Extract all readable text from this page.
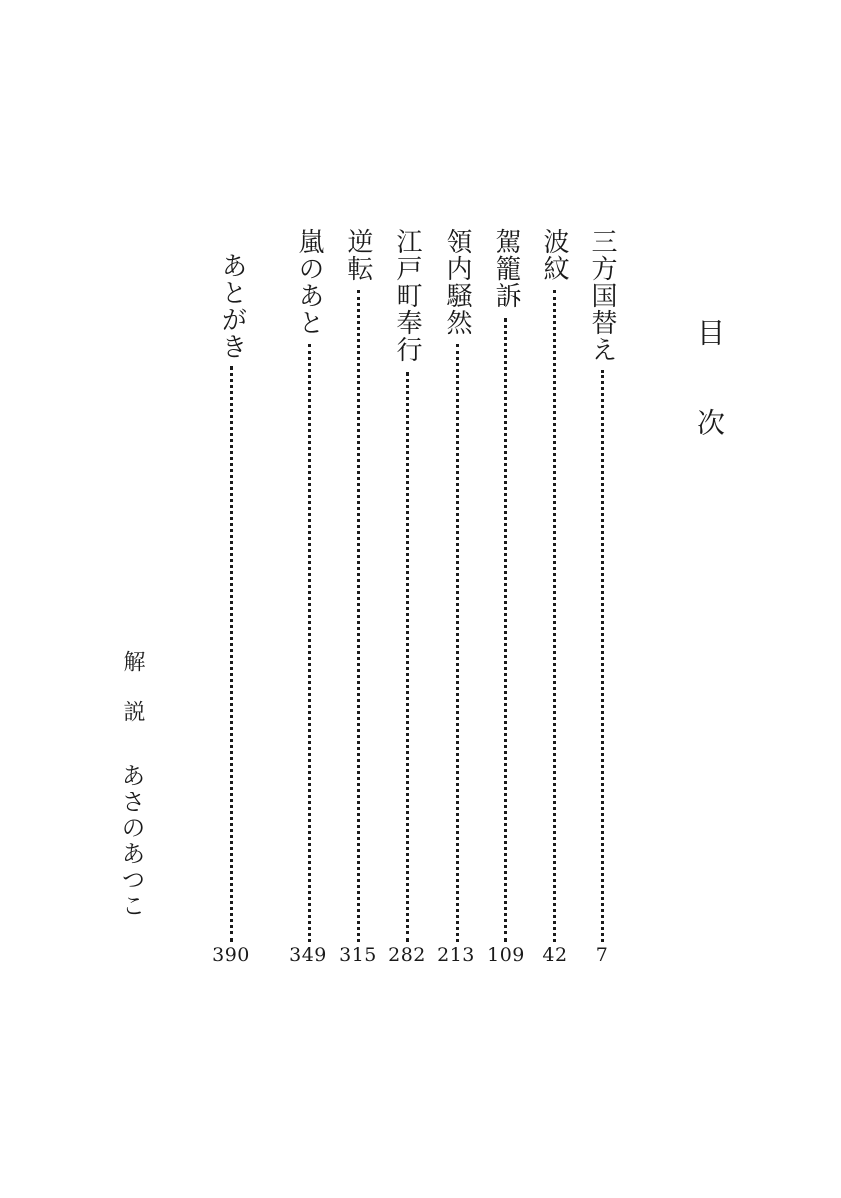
目次
三方国替え
7
波紋
42
駕籠訴
109
領内騒然
213
江戸町奉行
282
逆転
315
嵐のあと
349
あとがき
390
解説
あさのあつこ
